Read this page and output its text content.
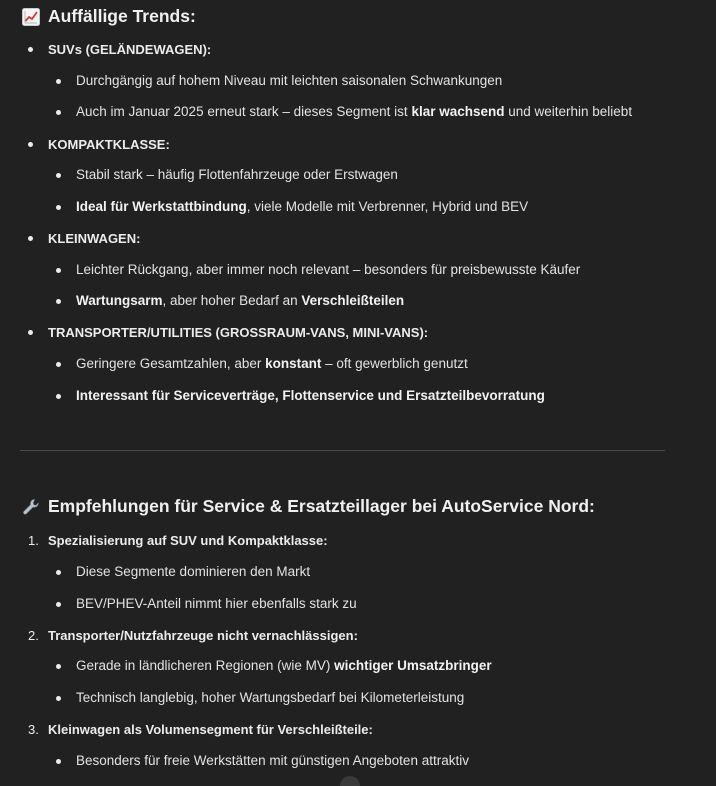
Auffällige Trends:
SUVs (GELÄNDEWAGEN):
Durchgängig auf hohem Niveau mit leichten saisonalen Schwankungen
Auch im Januar 2025 erneut stark – dieses Segment ist klar wachsend und weiterhin beliebt
KOMPAKTKLASSE:
Stabil stark – häufig Flottenfahrzeuge oder Erstwagen
Ideal für Werkstattbindung, viele Modelle mit Verbrenner, Hybrid und BEV
KLEINWAGEN:
Leichter Rückgang, aber immer noch relevant – besonders für preisbewusste Käufer
Wartungsarm, aber hoher Bedarf an Verschleißteilen
TRANSPORTER/UTILITIES (GROSSRAUM-VANS, MINI-VANS):
Geringere Gesamtzahlen, aber konstant – oft gewerblich genutzt
Interessant für Serviceverträge, Flottenservice und Ersatzteilbevorratung
Empfehlungen für Service & Ersatzteillager bei AutoService Nord:
1. Spezialisierung auf SUV und Kompaktklasse:
Diese Segmente dominieren den Markt
BEV/PHEV-Anteil nimmt hier ebenfalls stark zu
2. Transporter/Nutzfahrzeuge nicht vernachlässigen:
Gerade in ländlicheren Regionen (wie MV) wichtiger Umsatzbringer
Technisch langlebig, hoher Wartungsbedarf bei Kilometerleistung
3. Kleinwagen als Volumensegment für Verschleißteile:
Besonders für freie Werkstätten mit günstigen Angeboten attraktiv
